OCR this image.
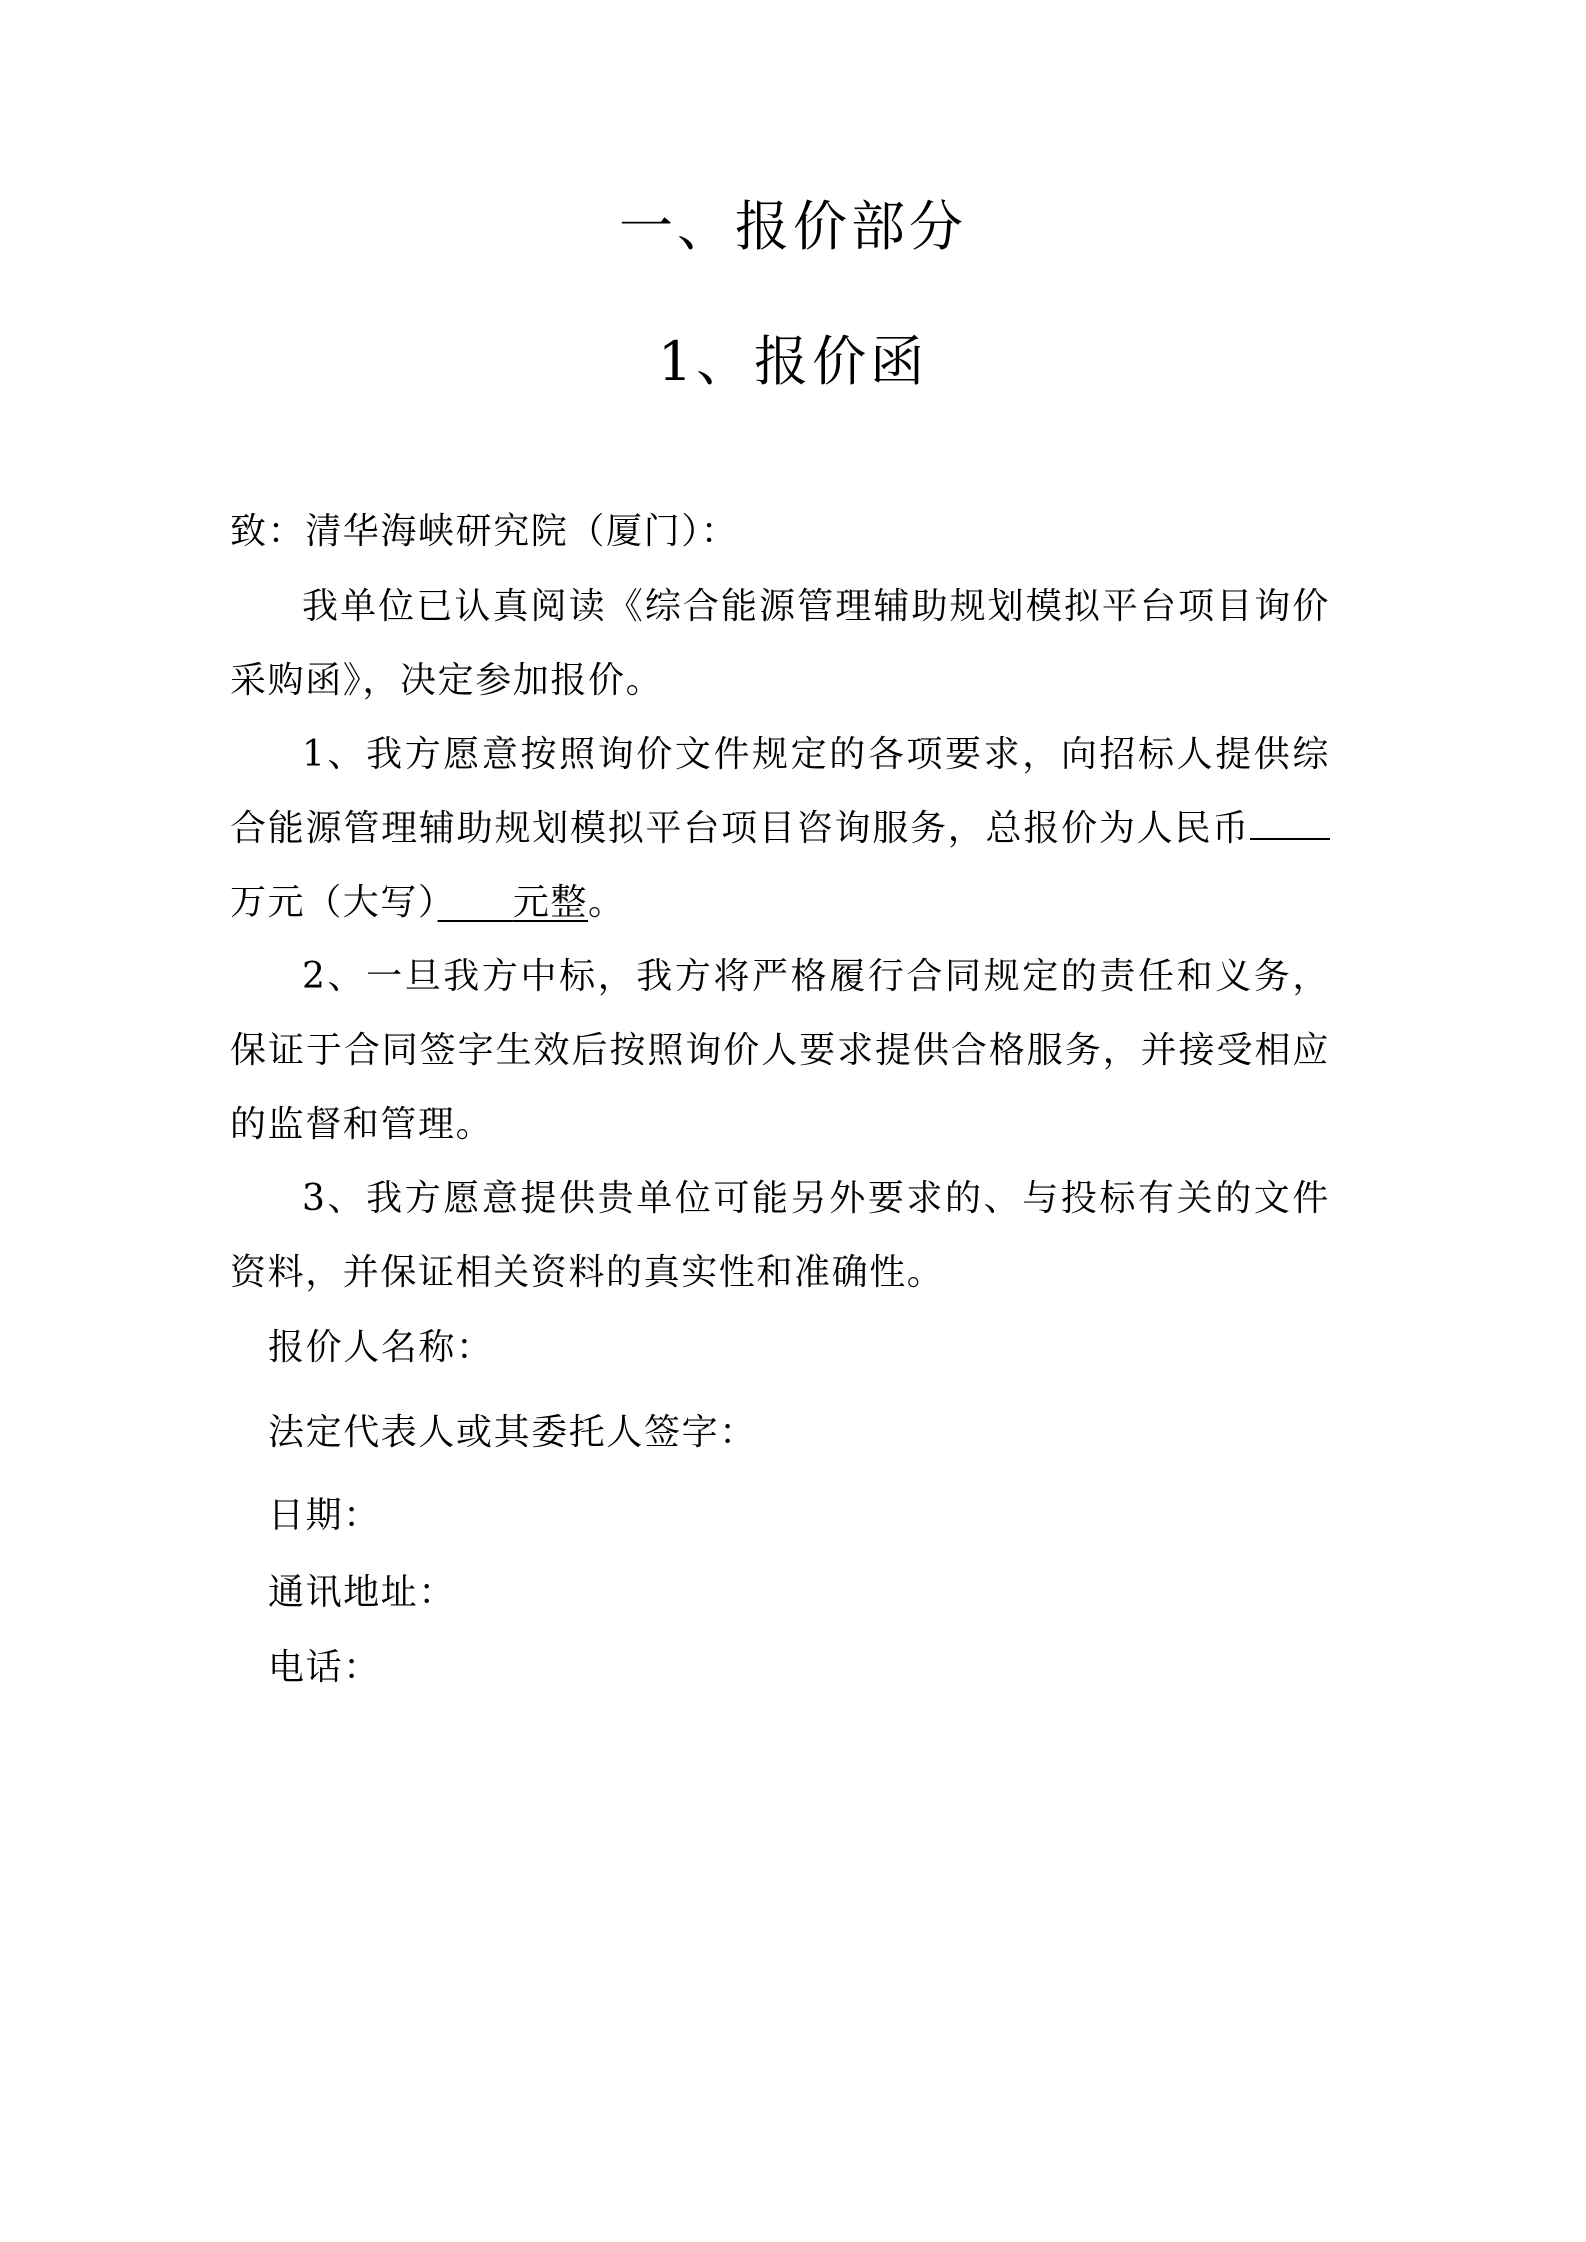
一、报价部分
1、报价函

致：清华海峡研究院（厦门）：

我单位已认真阅读《综合能源管理辅助规划模拟平台项目询价采购函》，决定参加报价。

1、我方愿意按照询价文件规定的各项要求，向招标人提供综合能源管理辅助规划模拟平台项目咨询服务，总报价为人民币万元（大写）　　 元整。

2、一旦我方中标，我方将严格履行合同规定的责任和义务，保证于合同签字生效后按照询价人要求提供合格服务，并接受相应的监督和管理。

3、我方愿意提供贵单位可能另外要求的、与投标有关的文件资料，并保证相关资料的真实性和准确性。

报价人名称：

法定代表人或其委托人签字：

日期：

通讯地址：

电话：
